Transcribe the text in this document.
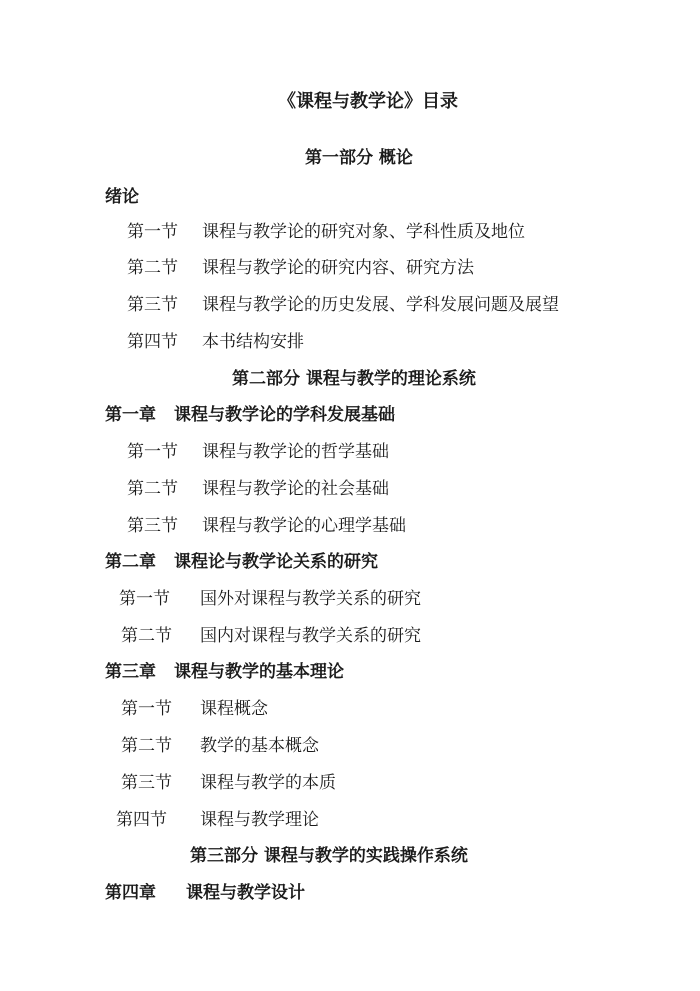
《课程与教学论》目录
第一部分 概论
绪论
第一节 课程与教学论的研究对象、学科性质及地位
第二节 课程与教学论的研究内容、研究方法
第三节 课程与教学论的历史发展、学科发展问题及展望
第四节 本书结构安排
第二部分 课程与教学的理论系统
第一章 课程与教学论的学科发展基础
第一节 课程与教学论的哲学基础
第二节 课程与教学论的社会基础
第三节 课程与教学论的心理学基础
第二章 课程论与教学论关系的研究
第一节 国外对课程与教学关系的研究
第二节 国内对课程与教学关系的研究
第三章 课程与教学的基本理论
第一节 课程概念
第二节 教学的基本概念
第三节 课程与教学的本质
第四节 课程与教学理论
第三部分 课程与教学的实践操作系统
第四章 课程与教学设计
